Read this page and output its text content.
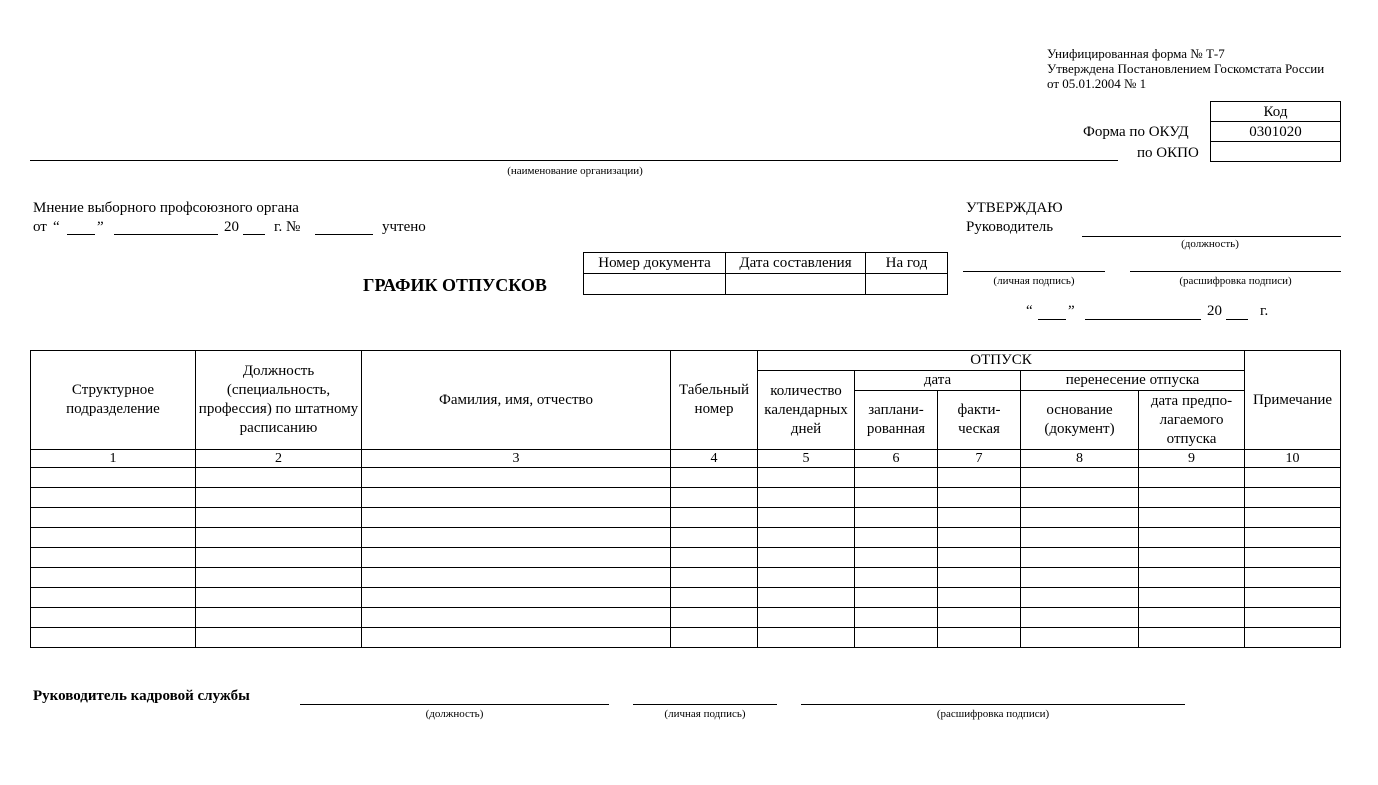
Унифицированная форма № Т-7
Утверждена Постановлением Госкомстата России
от 05.01.2004 № 1
Код
0301020

Форма по ОКУД
по ОКПО
(наименование организации)
Мнение выборного профсоюзного органа
от “ ”	20 г. №	учтено
УТВЕРЖДАЮ
Руководитель
(должность)
(личная подпись)	(расшифровка подписи)
“ ”	20	г.
ГРАФИК ОТПУСКОВ
Номер документа	Дата составления	На год

Структурное подразделение	Должность (специальность, профессия) по штатному расписанию	Фамилия, имя, отчество	Табельный номер	ОТПУСК					Примечание
				количество календарных дней	дата		перенесение отпуска		
					заплани- рованная	факти- ческая	основание (документ)	дата предпо- лагаемого отпуска	
1	2	3	4	5	6	7	8	9	10

Руководитель кадровой службы
(должность)	(личная подпись)	(расшифровка подписи)
